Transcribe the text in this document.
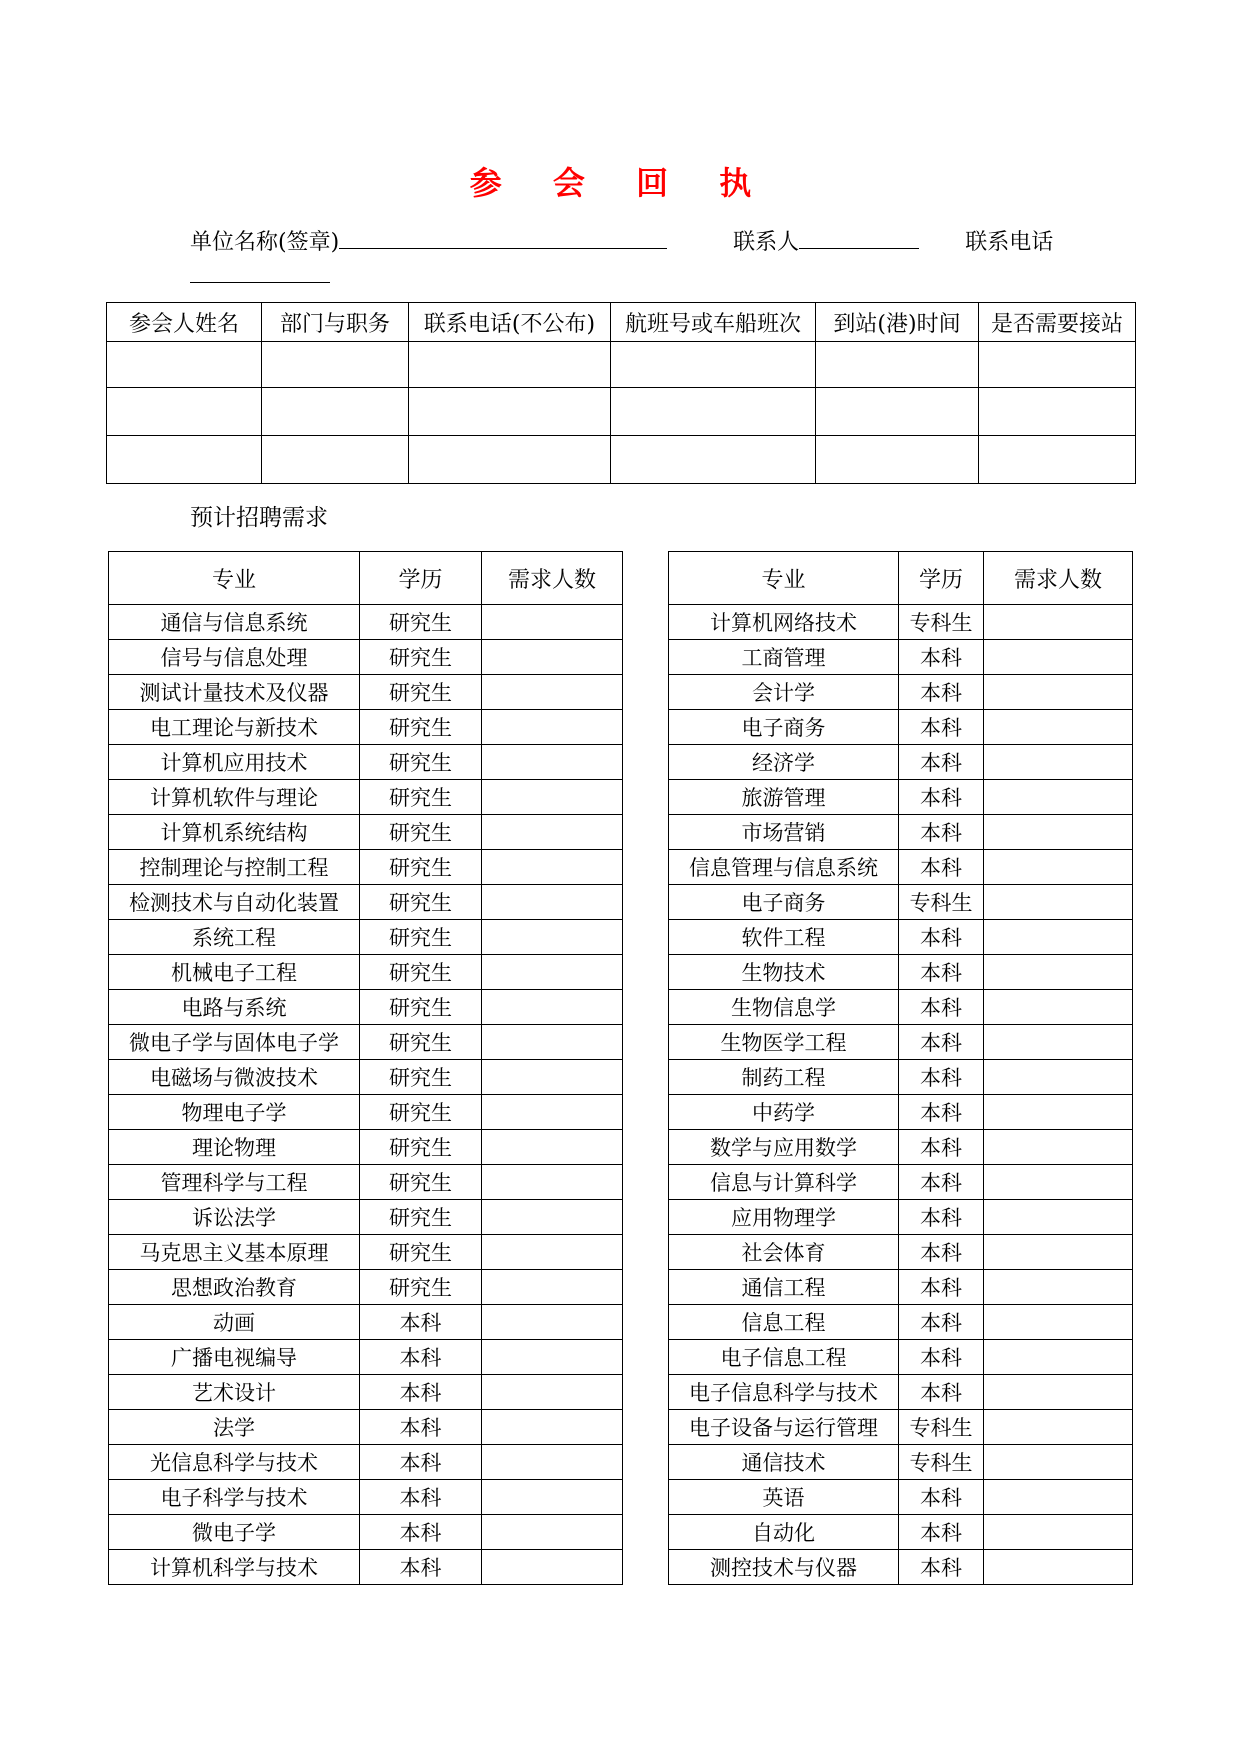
参 会 回 执
单位名称(签章)	联系人	联系电话
参会人姓名	部门与职务	联系电话(不公布)	航班号或车船班次	到站(港)时间	是否需要接站

预计招聘需求
专业	学历	需求人数
通信与信息系统	研究生	
信号与信息处理	研究生	
测试计量技术及仪器	研究生	
电工理论与新技术	研究生	
计算机应用技术	研究生	
计算机软件与理论	研究生	
计算机系统结构	研究生	
控制理论与控制工程	研究生	
检测技术与自动化装置	研究生	
系统工程	研究生	
机械电子工程	研究生	
电路与系统	研究生	
微电子学与固体电子学	研究生	
电磁场与微波技术	研究生	
物理电子学	研究生	
理论物理	研究生	
管理科学与工程	研究生	
诉讼法学	研究生	
马克思主义基本原理	研究生	
思想政治教育	研究生	
动画	本科	
广播电视编导	本科	
艺术设计	本科	
法学	本科	
光信息科学与技术	本科	
电子科学与技术	本科	
微电子学	本科	
计算机科学与技术	本科	
专业	学历	需求人数
计算机网络技术	专科生	
工商管理	本科	
会计学	本科	
电子商务	本科	
经济学	本科	
旅游管理	本科	
市场营销	本科	
信息管理与信息系统	本科	
电子商务	专科生	
软件工程	本科	
生物技术	本科	
生物信息学	本科	
生物医学工程	本科	
制药工程	本科	
中药学	本科	
数学与应用数学	本科	
信息与计算科学	本科	
应用物理学	本科	
社会体育	本科	
通信工程	本科	
信息工程	本科	
电子信息工程	本科	
电子信息科学与技术	本科	
电子设备与运行管理	专科生	
通信技术	专科生	
英语	本科	
自动化	本科	
测控技术与仪器	本科	
